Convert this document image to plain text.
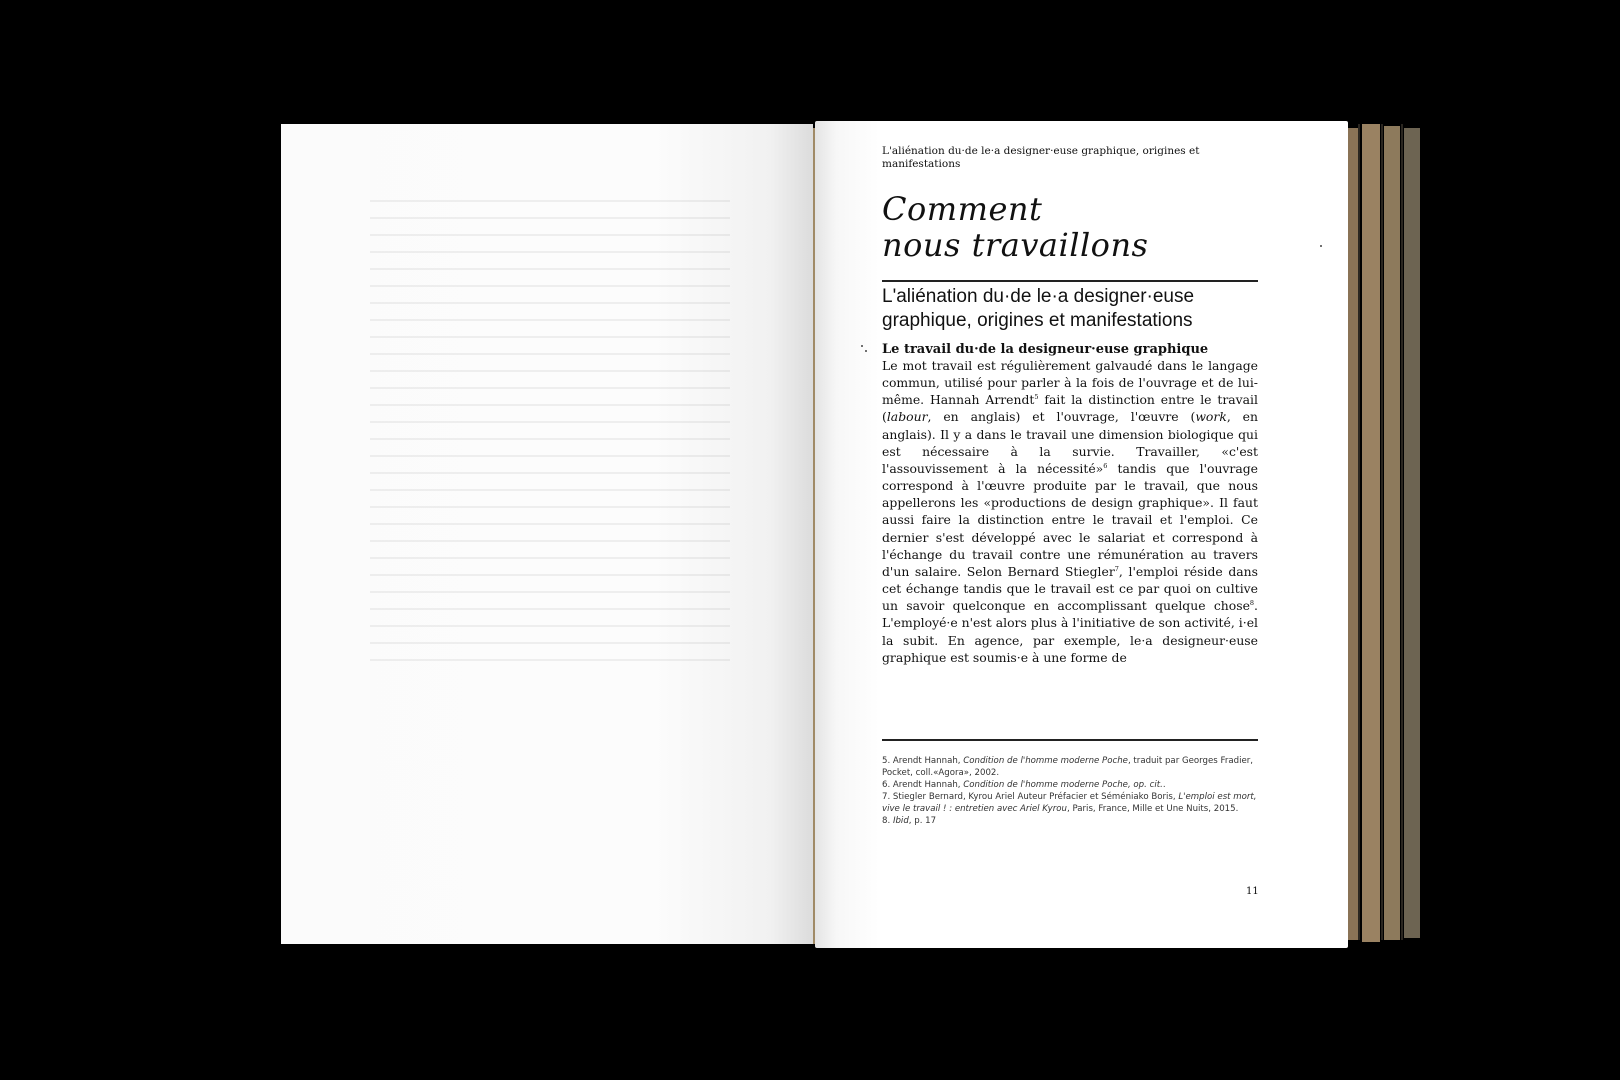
L'aliénation du·de le·a designer·euse graphique, origines et manifestations
Comment
nous travaillons
L'aliénation du·de le·a designer·euse graphique, origines et manifestations
Le travail du·de la designeur·euse graphique
Le mot travail est régulièrement galvaudé dans le langage commun, utilisé pour parler à la fois de l'ouvrage et de lui-même. Hannah Arrendt$^5$ fait la distinction entre le travail (labour, en anglais) et l'ouvrage, l'œuvre (work, en anglais). Il y a dans le travail une dimension biologique qui est nécessaire à la survie. Travailler, «c'est l'assouvissement à la nécessité»$^6$ tandis que l'ouvrage correspond à l'œuvre produite par le travail, que nous appellerons les «productions de design graphique». Il faut aussi faire la distinction entre le travail et l'emploi. Ce dernier s'est développé avec le salariat et correspond à l'échange du travail contre une rémunération au travers d'un salaire. Selon Bernard Stiegler$^7$, l'emploi réside dans cet échange tandis que le travail est ce par quoi on cultive un savoir quelconque en accomplissant quelque chose$^8$. L'employé·e n'est alors plus à l'initiative de son activité, i·el la subit. En agence, par exemple, le·a designeur·euse graphique est soumis·e à une forme de

5. Arendt Hannah, Condition de l'homme moderne Poche, traduit par Georges Fradier, Pocket, coll.«Agora», 2002.

6. Arendt Hannah, Condition de l'homme moderne Poche, op. cit..

7. Stiegler Bernard, Kyrou Ariel Auteur Préfacier et Séméniako Boris, L'emploi est mort, vive le travail ! : entretien avec Ariel Kyrou, Paris, France, Mille et Une Nuits, 2015.

8. Ibid, p. 17

11
